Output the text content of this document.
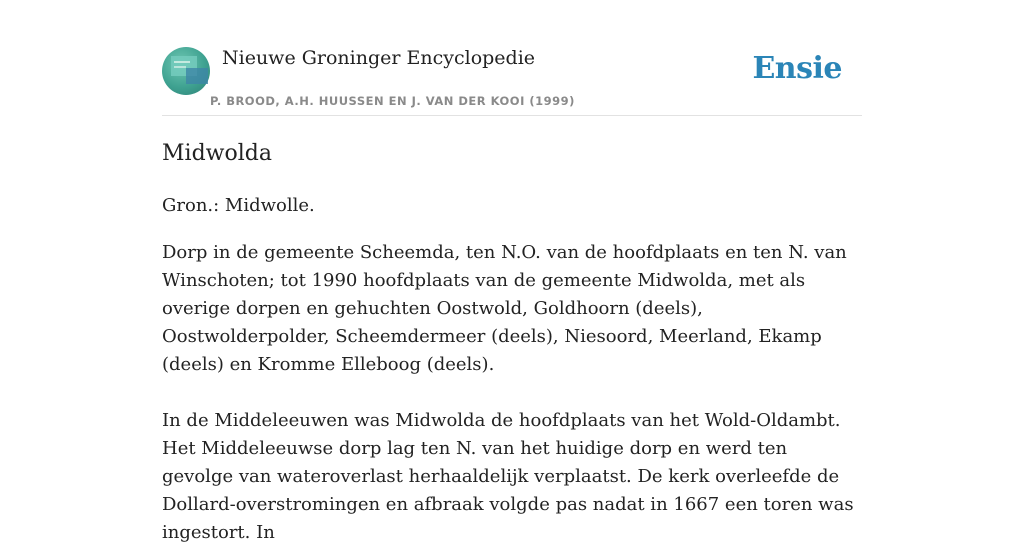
Nieuwe Groninger Encyclopedie
P. BROOD, A.H. HUUSSEN EN J. VAN DER KOOI (1999)
Ensie
Midwolda

Gron.: Midwolle.

Dorp in de gemeente Scheemda, ten N.O. van de hoofdplaats en ten N. van Winschoten; tot 1990 hoofdplaats van de gemeente Midwolda, met als overige dorpen en gehuchten Oostwold, Goldhoorn (deels), Oostwolderpolder, Scheemdermeer (deels), Niesoord, Meerland, Ekamp (deels) en Kromme Elleboog (deels).

In de Middeleeuwen was Midwolda de hoofdplaats van het Wold-Oldambt. Het Middeleeuwse dorp lag ten N. van het huidige dorp en werd ten gevolge van wateroverlast herhaaldelijk verplaatst. De kerk overleefde de Dollard-overstromingen en afbraak volgde pas nadat in 1667 een toren was ingestort. In
